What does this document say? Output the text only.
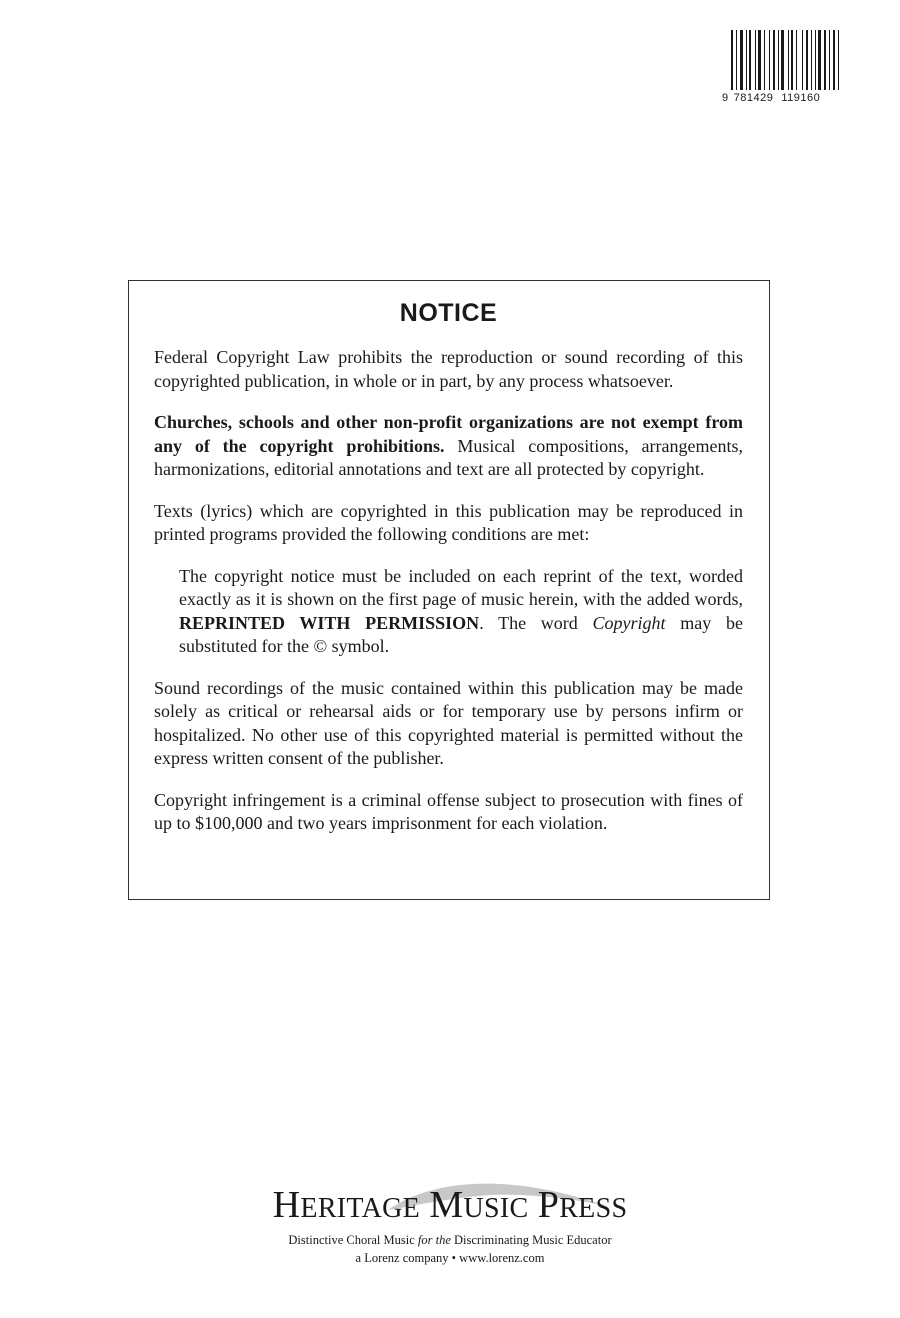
9 781429 119160
NOTICE

Federal Copyright Law prohibits the reproduction or sound recording of this copyrighted publication, in whole or in part, by any process whatsoever.

Churches, schools and other non-profit organizations are not exempt from any of the copyright prohibitions. Musical compositions, arrangements, harmonizations, editorial annotations and text are all protected by copyright.

Texts (lyrics) which are copyrighted in this publication may be reproduced in printed programs provided the following conditions are met:

The copyright notice must be included on each reprint of the text, worded exactly as it is shown on the first page of music herein, with the added words, REPRINTED WITH PERMISSION. The word Copyright may be substituted for the © symbol.

Sound recordings of the music contained within this publication may be made solely as critical or rehearsal aids or for temporary use by persons infirm or hospitalized. No other use of this copyrighted material is permitted without the express written consent of the publisher.

Copyright infringement is a criminal offense subject to prosecution with fines of up to $100,000 and two years imprisonment for each violation.

HERITAGE MUSIC PRESS
Distinctive Choral Music for the Discriminating Music Educator
a Lorenz company • www.lorenz.com
